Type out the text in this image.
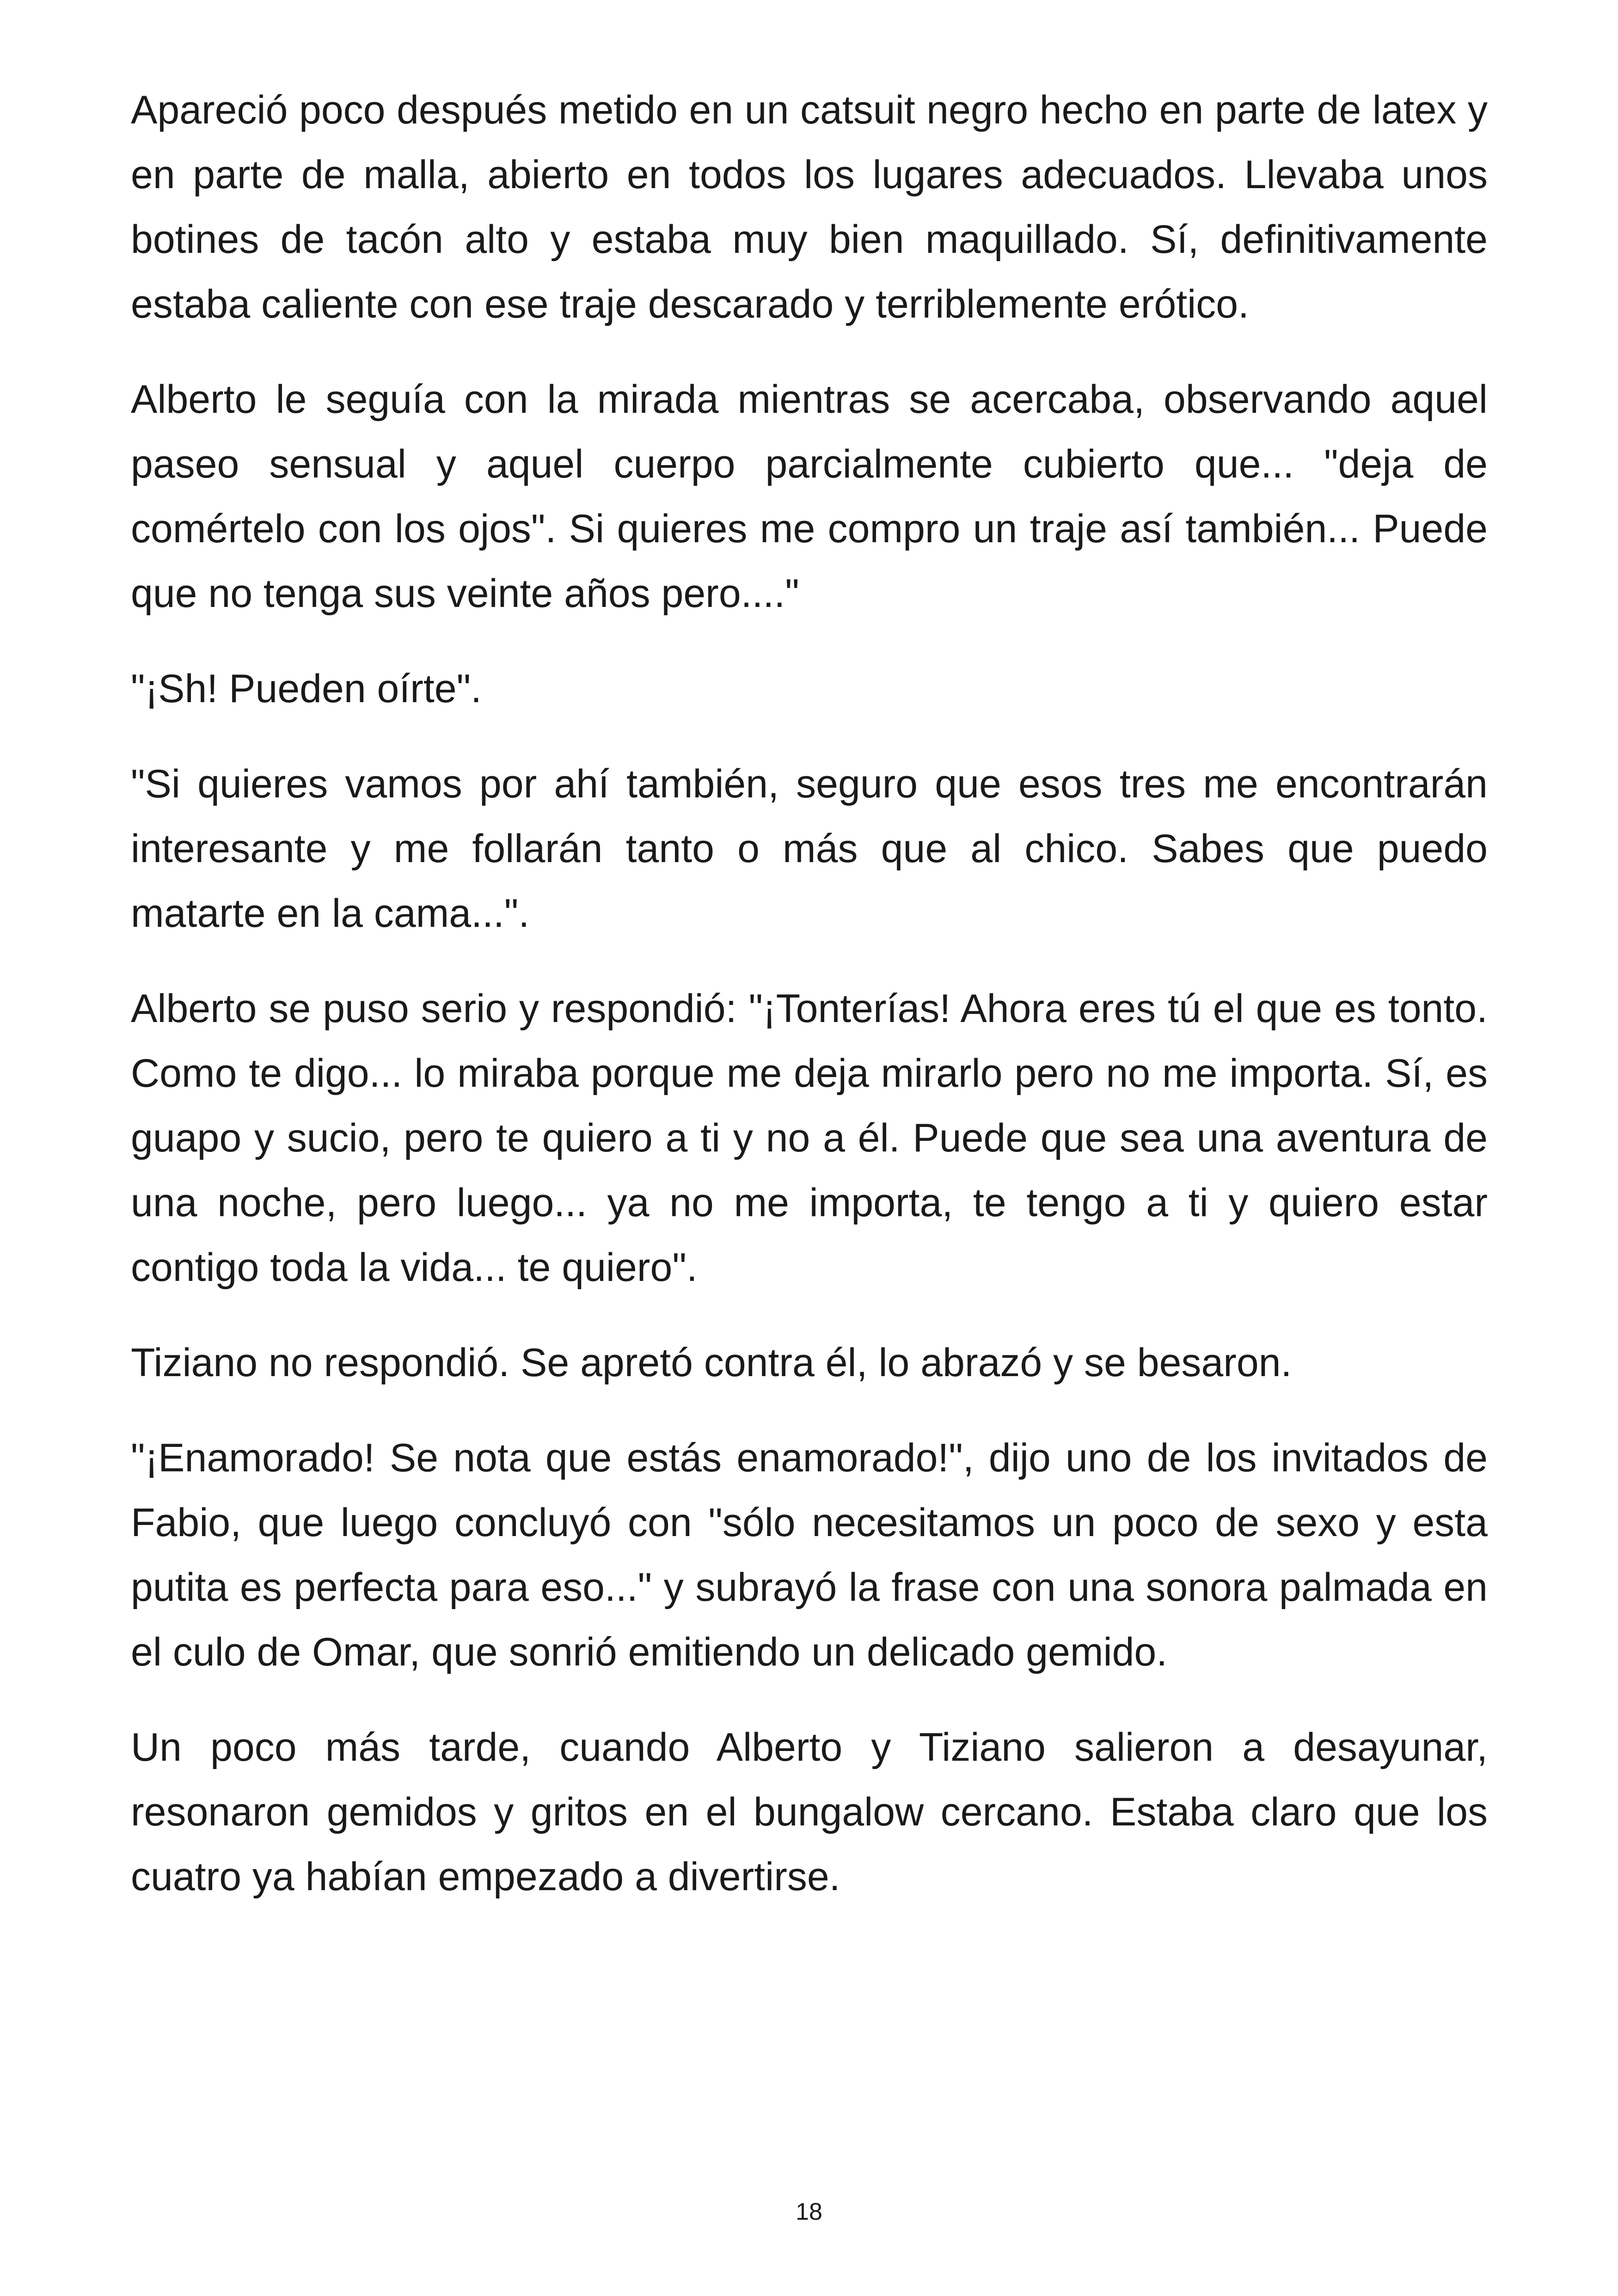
Apareció poco después metido en un catsuit negro hecho en parte de latex y en parte de malla, abierto en todos los lugares adecuados. Llevaba unos botines de tacón alto y estaba muy bien maquillado. Sí, definitivamente estaba caliente con ese traje descarado y terriblemente erótico.

Alberto le seguía con la mirada mientras se acercaba, observando aquel paseo sensual y aquel cuerpo parcialmente cubierto que... "deja de comértelo con los ojos". Si quieres me compro un traje así también... Puede que no tenga sus veinte años pero...."

"¡Sh! Pueden oírte".

"Si quieres vamos por ahí también, seguro que esos tres me encontrarán interesante y me follarán tanto o más que al chico. Sabes que puedo matarte en la cama...".

Alberto se puso serio y respondió: "¡Tonterías! Ahora eres tú el que es tonto. Como te digo... lo miraba porque me deja mirarlo pero no me importa. Sí, es guapo y sucio, pero te quiero a ti y no a él. Puede que sea una aventura de una noche, pero luego... ya no me importa, te tengo a ti y quiero estar contigo toda la vida... te quiero".

Tiziano no respondió. Se apretó contra él, lo abrazó y se besaron.

"¡Enamorado! Se nota que estás enamorado!", dijo uno de los invitados de Fabio, que luego concluyó con "sólo necesitamos un poco de sexo y esta putita es perfecta para eso..." y subrayó la frase con una sonora palmada en el culo de Omar, que sonrió emitiendo un delicado gemido.

Un poco más tarde, cuando Alberto y Tiziano salieron a desayunar, resonaron gemidos y gritos en el bungalow cercano. Estaba claro que los cuatro ya habían empezado a divertirse.

18
